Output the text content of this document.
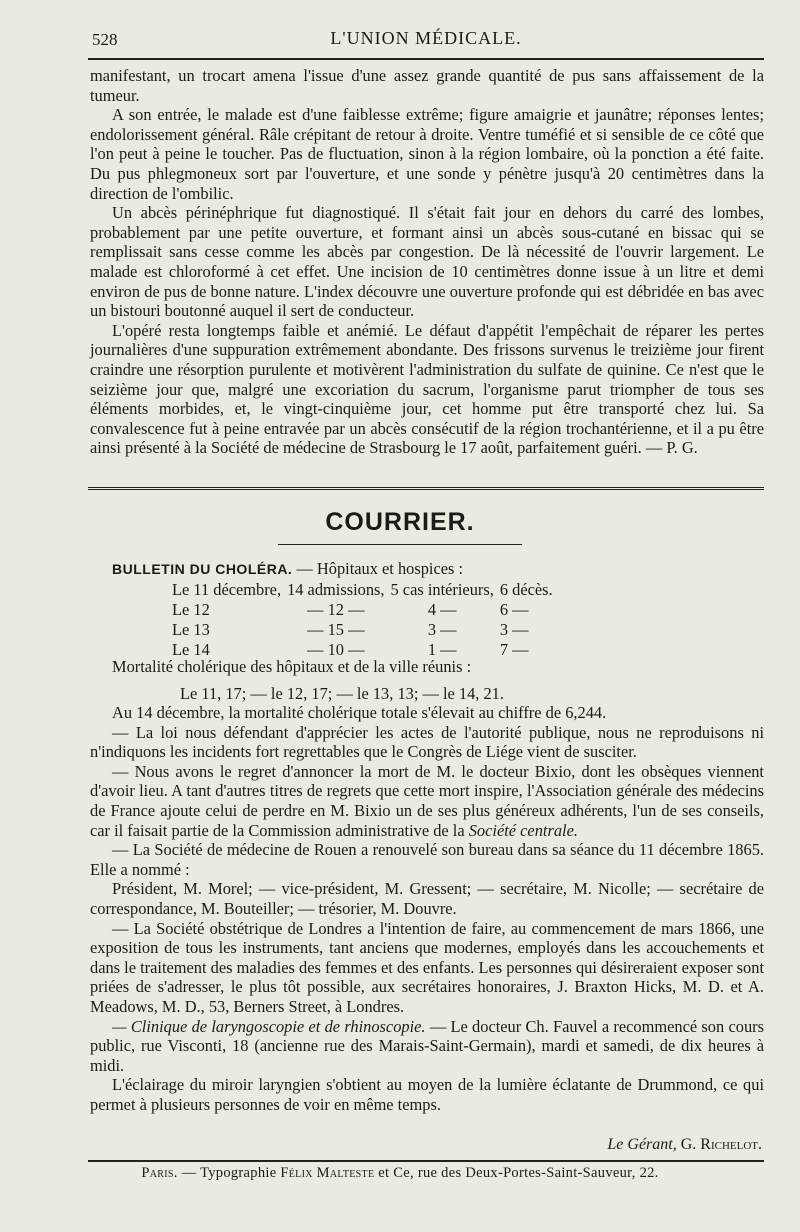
528	L'UNION MÉDICALE.

manifestant, un trocart amena l'issue d'une assez grande quantité de pus sans affaissement de la tumeur.

A son entrée, le malade est d'une faiblesse extrême; figure amaigrie et jaunâtre; réponses lentes; endolorissement général. Râle crépitant de retour à droite. Ventre tuméfié et si sensible de ce côté que l'on peut à peine le toucher. Pas de fluctuation, sinon à la région lombaire, où la ponction a été faite. Du pus phlegmoneux sort par l'ouverture, et une sonde y pénètre jusqu'à 20 centimètres dans la direction de l'ombilic.

Un abcès périnéphrique fut diagnostiqué. Il s'était fait jour en dehors du carré des lombes, probablement par une petite ouverture, et formant ainsi un abcès sous-cutané en bissac qui se remplissait sans cesse comme les abcès par congestion. De là nécessité de l'ouvrir largement. Le malade est chloroformé à cet effet. Une incision de 10 centimètres donne issue à un litre et demi environ de pus de bonne nature. L'index découvre une ouverture profonde qui est débridée en bas avec un bistouri boutonné auquel il sert de conducteur.

L'opéré resta longtemps faible et anémié. Le défaut d'appétit l'empêchait de réparer les pertes journalières d'une suppuration extrêmement abondante. Des frissons survenus le treizième jour firent craindre une résorption purulente et motivèrent l'administration du sulfate de quinine. Ce n'est que le seizième jour que, malgré une excoriation du sacrum, l'organisme parut triompher de tous ses éléments morbides, et, le vingt-cinquième jour, cet homme put être transporté chez lui. Sa convalescence fut à peine entravée par un abcès consécutif de la région trochantérienne, et il a pu être ainsi présenté à la Société de médecine de Strasbourg le 17 août, parfaitement guéri. — P. G.

COURRIER.
BULLETIN DU CHOLÉRA. — Hôpitaux et hospices :
Le 11 décembre,	14 admissions,	5 cas intérieurs,	6 décès.
Le 12	— 12 —	4 —	6 —
Le 13	— 15 —	3 —	3 —
Le 14	— 10 —	1 —	7 —
Mortalité cholérique des hôpitaux et de la ville réunis :
Le 11, 17; — le 12, 17; — le 13, 13; — le 14, 21.

Au 14 décembre, la mortalité cholérique totale s'élevait au chiffre de 6,244.

— La loi nous défendant d'apprécier les actes de l'autorité publique, nous ne reproduisons ni n'indiquons les incidents fort regrettables que le Congrès de Liége vient de susciter.

— Nous avons le regret d'annoncer la mort de M. le docteur Bixio, dont les obsèques viennent d'avoir lieu. A tant d'autres titres de regrets que cette mort inspire, l'Association générale des médecins de France ajoute celui de perdre en M. Bixio un de ses plus généreux adhérents, l'un de ses conseils, car il faisait partie de la Commission administrative de la Société centrale.

— La Société de médecine de Rouen a renouvelé son bureau dans sa séance du 11 décembre 1865. Elle a nommé :

Président, M. Morel; — vice-président, M. Gressent; — secrétaire, M. Nicolle; — secrétaire de correspondance, M. Bouteiller; — trésorier, M. Douvre.

— La Société obstétrique de Londres a l'intention de faire, au commencement de mars 1866, une exposition de tous les instruments, tant anciens que modernes, employés dans les accouchements et dans le traitement des maladies des femmes et des enfants. Les personnes qui désireraient exposer sont priées de s'adresser, le plus tôt possible, aux secrétaires honoraires, J. Braxton Hicks, M. D. et A. Meadows, M. D., 53, Berners Street, à Londres.

— Clinique de laryngoscopie et de rhinoscopie. — Le docteur Ch. Fauvel a recommencé son cours public, rue Visconti, 18 (ancienne rue des Marais-Saint-Germain), mardi et samedi, de dix heures à midi.

L'éclairage du miroir laryngien s'obtient au moyen de la lumière éclatante de Drummond, ce qui permet à plusieurs personnes de voir en même temps.

Le Gérant, G. Richelot.
Paris. — Typographie Félix Malteste et Ce, rue des Deux-Portes-Saint-Sauveur, 22.
